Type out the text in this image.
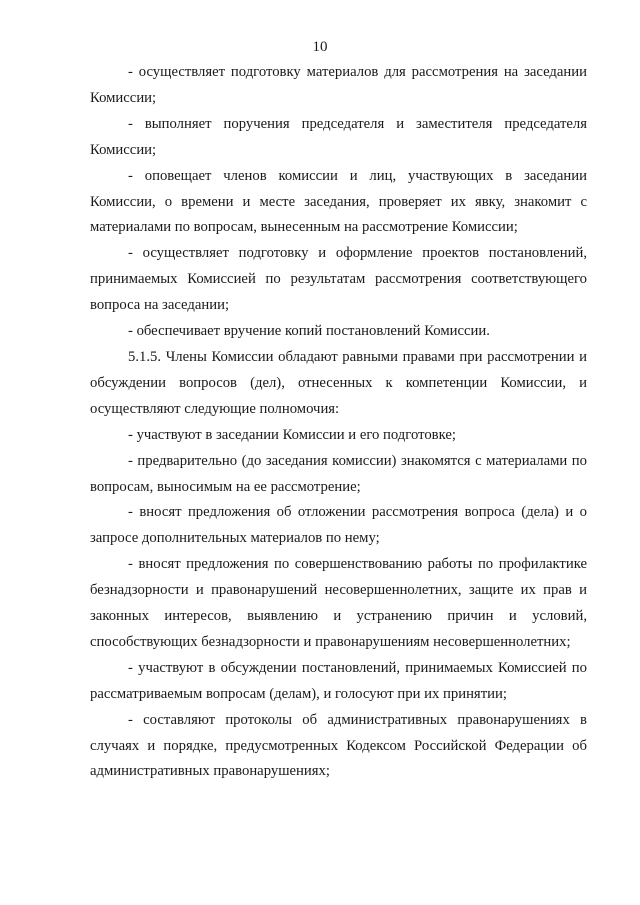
10

- осуществляет подготовку материалов для рассмотрения на заседании Комиссии;

- выполняет поручения председателя и заместителя председателя Комиссии;

- оповещает членов комиссии и лиц, участвующих в заседании Комиссии, о времени и месте заседания, проверяет их явку, знакомит с материалами по вопросам, вынесенным на рассмотрение Комиссии;

- осуществляет подготовку и оформление проектов постановлений, принимаемых Комиссией по результатам рассмотрения соответствующего вопроса на заседании;

- обеспечивает вручение копий постановлений Комиссии.

5.1.5. Члены Комиссии обладают равными правами при рассмотрении и обсуждении вопросов (дел), отнесенных к компетенции Комиссии, и осуществляют следующие полномочия:

- участвуют в заседании Комиссии и его подготовке;

- предварительно (до заседания комиссии) знакомятся с материалами по вопросам, выносимым на ее рассмотрение;

- вносят предложения об отложении рассмотрения вопроса (дела) и о запросе дополнительных материалов по нему;

- вносят предложения по совершенствованию работы по профилактике безнадзорности и правонарушений несовершеннолетних, защите их прав и законных интересов, выявлению и устранению причин и условий, способствующих безнадзорности и правонарушениям несовершеннолетних;

- участвуют в обсуждении постановлений, принимаемых Комиссией по рассматриваемым вопросам (делам), и голосуют при их принятии;

- составляют протоколы об административных правонарушениях в случаях и порядке, предусмотренных Кодексом Российской Федерации об административных правонарушениях;
